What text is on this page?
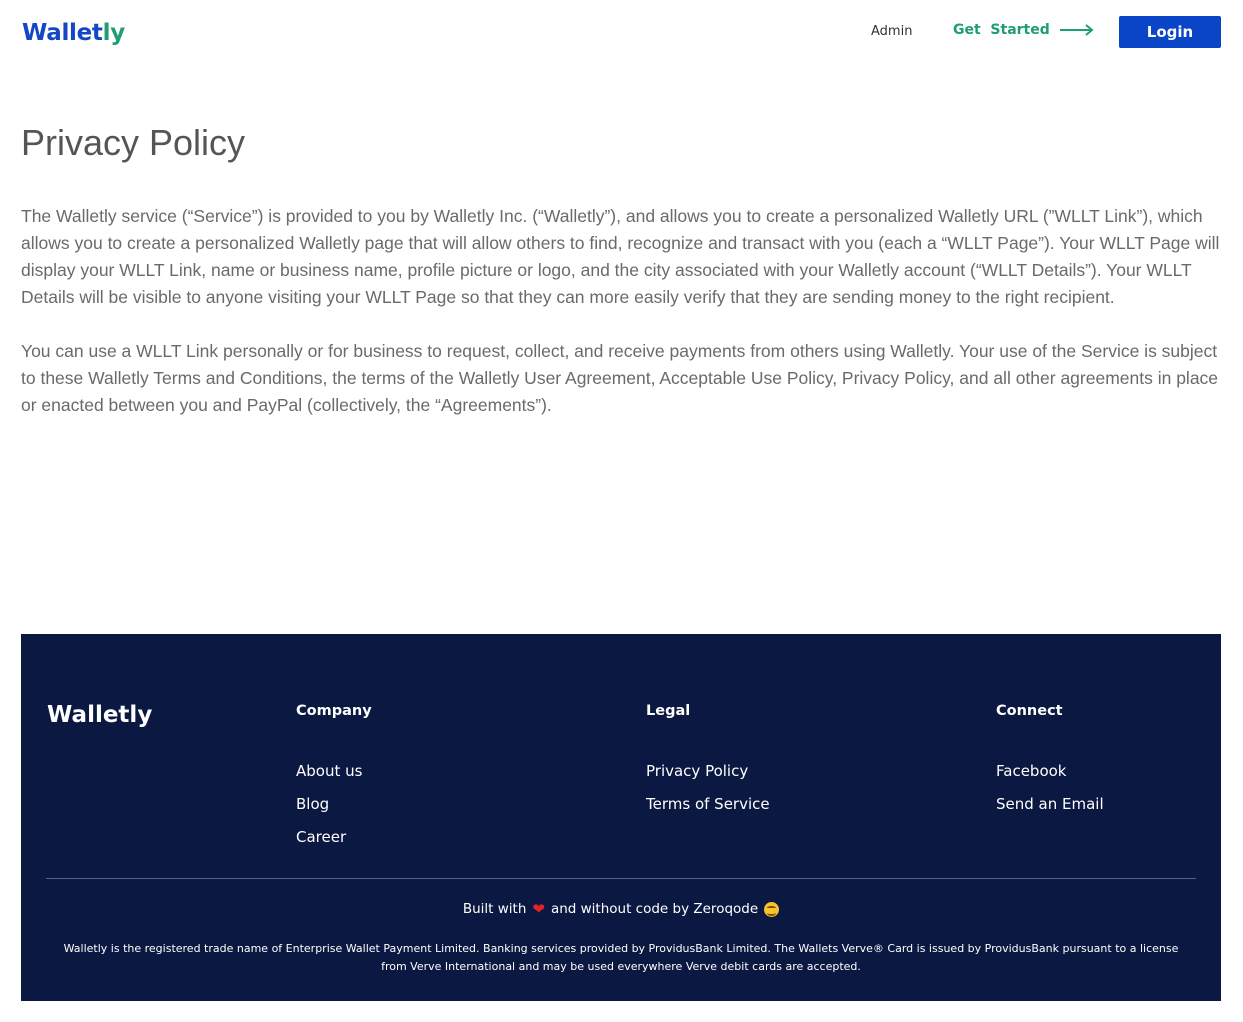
Walletly	Admin	Get  Started	Login
Privacy Policy

The Walletly service (“Service”) is provided to you by Walletly Inc. (“Walletly”), and allows you to create a personalized Walletly URL (”WLLT Link”), which allows you to create a personalized Walletly page that will allow others to find, recognize and transact with you (each a “WLLT Page”). Your WLLT Page will display your WLLT Link, name or business name, profile picture or logo, and the city associated with your Walletly account (“WLLT Details”). Your WLLT Details will be visible to anyone visiting your WLLT Page so that they can more easily verify that they are sending money to the right recipient.

You can use a WLLT Link personally or for business to request, collect, and receive payments from others using Walletly. Your use of the Service is subject to these Walletly Terms and Conditions, the terms of the Walletly User Agreement, Acceptable Use Policy, Privacy Policy, and all other agreements in place or enacted between you and PayPal (collectively, the “Agreements”).

Walletly	Company
About us
Blog
Career
Legal
Privacy Policy
Terms of Service
Connect
Facebook
Send an Email
Built with ❤ and without code by Zeroqode
Walletly is the registered trade name of Enterprise Wallet Payment Limited. Banking services provided by ProvidusBank Limited. The Wallets Verve® Card is issued by ProvidusBank pursuant to a license from Verve International and may be used everywhere Verve debit cards are accepted.
